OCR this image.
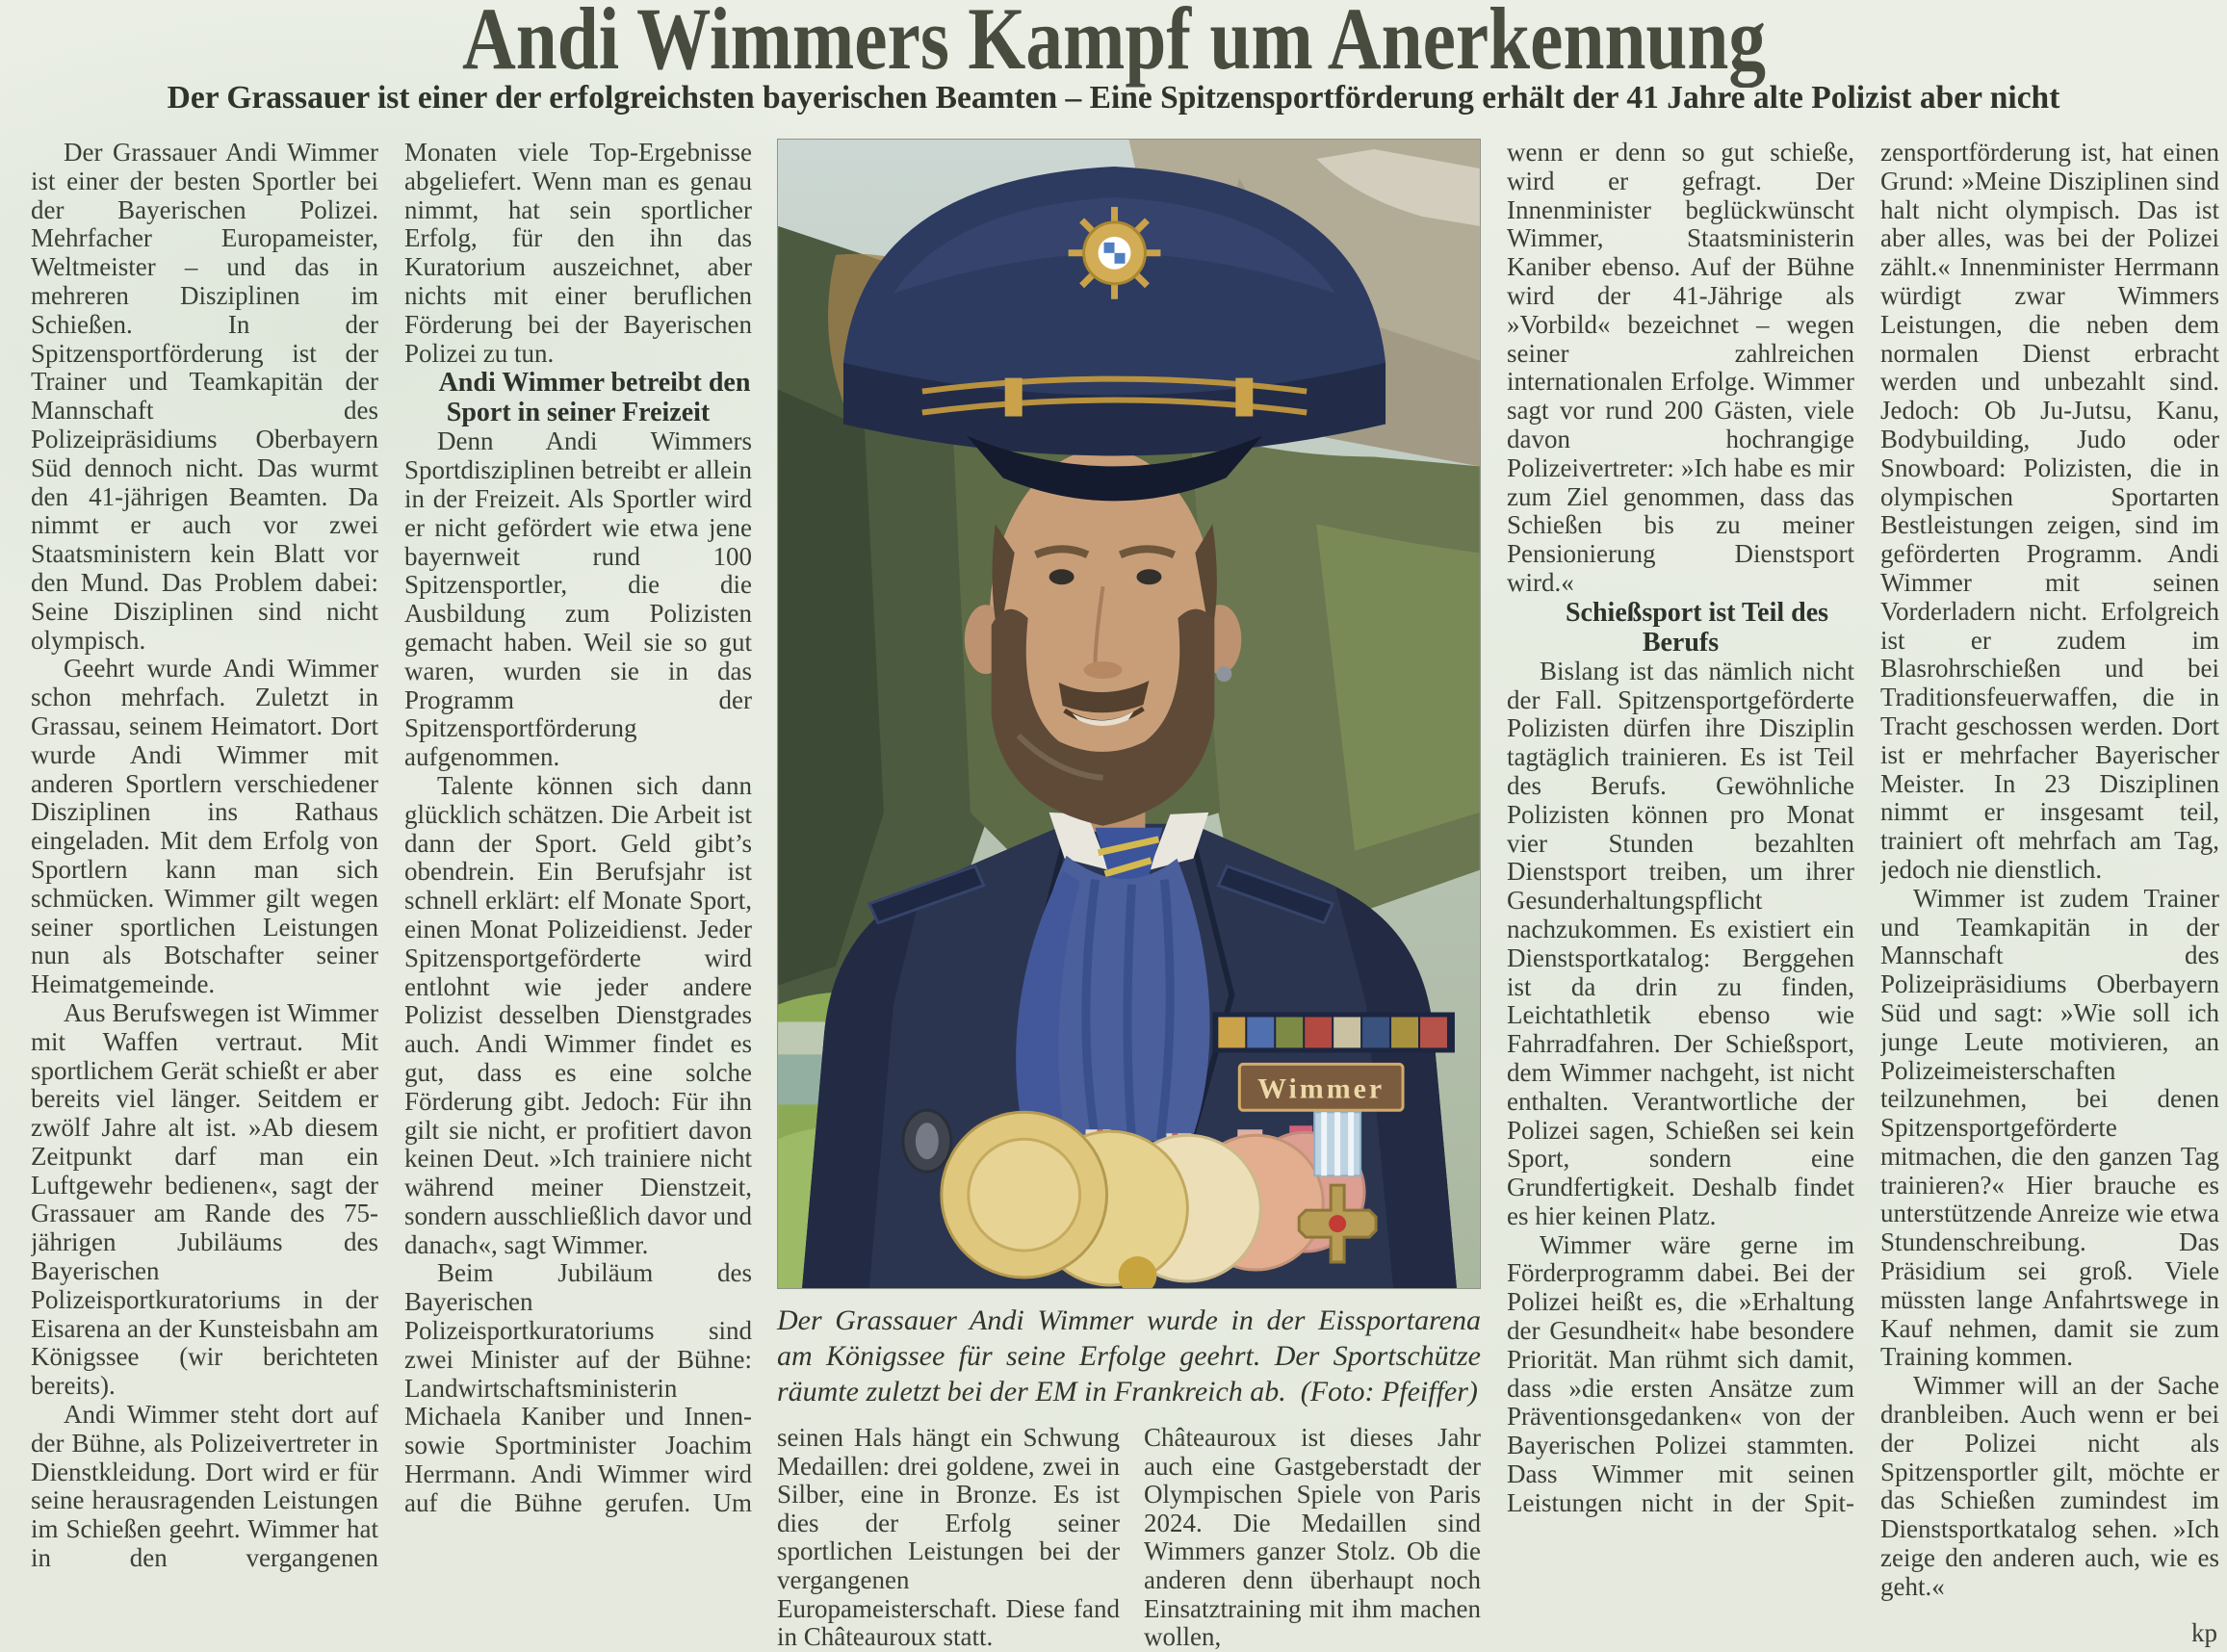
Andi Wimmers Kampf um Anerkennung
Der Grassauer ist einer der erfolgreichsten bayerischen Beamten – Eine Spitzensportförderung erhält der 41 Jahre alte Polizist aber nicht

Der Grassauer Andi Wimmer ist einer der besten Sportler bei der Bayerischen Polizei. Mehrfacher Europameister, Weltmeister – und das in mehreren Disziplinen im Schießen. In der Spitzensportförderung ist der Trainer und Teamkapitän der Mannschaft des Polizeipräsidiums Oberbayern Süd dennoch nicht. Das wurmt den 41-jährigen Beamten. Da nimmt er auch vor zwei Staatsministern kein Blatt vor den Mund. Das Problem dabei: Seine Disziplinen sind nicht olympisch.

Geehrt wurde Andi Wimmer schon mehrfach. Zuletzt in Grassau, seinem Heimatort. Dort wurde Andi Wimmer mit anderen Sportlern verschiedener Disziplinen ins Rathaus eingeladen. Mit dem Erfolg von Sportlern kann man sich schmücken. Wimmer gilt wegen seiner sportlichen Leistungen nun als Botschafter seiner Heimatgemeinde.

Aus Berufswegen ist Wimmer mit Waffen vertraut. Mit sportlichem Gerät schießt er aber bereits viel länger. Seitdem er zwölf Jahre alt ist. »Ab diesem Zeitpunkt darf man ein Luftgewehr bedienen«, sagt der Grassauer am Rande des 75-jährigen Jubiläums des Bayerischen Polizeisportkuratoriums in der Eisarena an der Kunsteisbahn am Königssee (wir berichteten bereits).

Andi Wimmer steht dort auf der Bühne, als Polizeivertreter in Dienstkleidung. Dort wird er für seine herausragenden Leistungen im Schießen geehrt. Wimmer hat in den vergangenen

Monaten viele Top-Ergebnisse abgeliefert. Wenn man es genau nimmt, hat sein sportlicher Erfolg, für den ihn das Kuratorium auszeichnet, aber nichts mit einer beruflichen Förderung bei der Bayerischen Polizei zu tun.

Andi Wimmer betreibt den Sport in seiner Freizeit

Denn Andi Wimmers Sportdisziplinen betreibt er allein in der Freizeit. Als Sportler wird er nicht gefördert wie etwa jene bayernweit rund 100 Spitzensportler, die die Ausbildung zum Polizisten gemacht haben. Weil sie so gut waren, wurden sie in das Programm der Spitzensportförderung aufgenommen.

Talente können sich dann glücklich schätzen. Die Arbeit ist dann der Sport. Geld gibt’s obendrein. Ein Berufsjahr ist schnell erklärt: elf Monate Sport, einen Monat Polizeidienst. Jeder Spitzensportgeförderte wird entlohnt wie jeder andere Polizist desselben Dienstgrades auch. Andi Wimmer findet es gut, dass es eine solche Förderung gibt. Jedoch: Für ihn gilt sie nicht, er profitiert davon keinen Deut. »Ich trainiere nicht während meiner Dienstzeit, sondern ausschließlich davor und danach«, sagt Wimmer.

Beim Jubiläum des Bayerischen Polizeisportkuratoriums sind zwei Minister auf der Bühne: Landwirtschaftsministerin Michaela Kaniber und Innen- sowie Sportminister Joachim Herrmann. Andi Wimmer wird auf die Bühne gerufen. Um

Wimmer
Der Grassauer Andi Wimmer wurde in der Eissportarena am Königssee für seine Erfolge geehrt. Der Sportschütze räumte zuletzt bei der EM in Frankreich ab. (Foto: Pfeiffer)

seinen Hals hängt ein Schwung Medaillen: drei goldene, zwei in Silber, eine in Bronze. Es ist dies der Erfolg seiner sportlichen Leistungen bei der vergangenen Europameisterschaft. Diese fand in Châteauroux statt.

Châteauroux ist dieses Jahr auch eine Gastgeberstadt der Olympischen Spiele von Paris 2024. Die Medaillen sind Wimmers ganzer Stolz. Ob die anderen denn überhaupt noch Einsatztraining mit ihm machen wollen,

wenn er denn so gut schieße, wird er gefragt. Der Innenminister beglückwünscht Wimmer, Staatsministerin Kaniber ebenso. Auf der Bühne wird der 41-Jährige als »Vorbild« bezeichnet – wegen seiner zahlreichen internationalen Erfolge. Wimmer sagt vor rund 200 Gästen, viele davon hochrangige Polizeivertreter: »Ich habe es mir zum Ziel genommen, dass das Schießen bis zu meiner Pensionierung Dienstsport wird.«

Schießsport ist Teil des Berufs

Bislang ist das nämlich nicht der Fall. Spitzensportgeförderte Polizisten dürfen ihre Disziplin tagtäglich trainieren. Es ist Teil des Berufs. Gewöhnliche Polizisten können pro Monat vier Stunden bezahlten Dienstsport treiben, um ihrer Gesunderhaltungspflicht nachzukommen. Es existiert ein Dienstsportkatalog: Berggehen ist da drin zu finden, Leichtathletik ebenso wie Fahrradfahren. Der Schießsport, dem Wimmer nachgeht, ist nicht enthalten. Verantwortliche der Polizei sagen, Schießen sei kein Sport, sondern eine Grundfertigkeit. Deshalb findet es hier keinen Platz.

Wimmer wäre gerne im Förderprogramm dabei. Bei der Polizei heißt es, die »Erhaltung der Gesundheit« habe besondere Priorität. Man rühmt sich damit, dass »die ersten Ansätze zum Präventionsgedanken« von der Bayerischen Polizei stammten. Dass Wimmer mit seinen Leistungen nicht in der Spit-

zensportförderung ist, hat einen Grund: »Meine Disziplinen sind halt nicht olympisch. Das ist aber alles, was bei der Polizei zählt.« Innenminister Herrmann würdigt zwar Wimmers Leistungen, die neben dem normalen Dienst erbracht werden und unbezahlt sind. Jedoch: Ob Ju-Jutsu, Kanu, Bodybuilding, Judo oder Snowboard: Polizisten, die in olympischen Sportarten Bestleistungen zeigen, sind im geförderten Programm. Andi Wimmer mit seinen Vorderladern nicht. Erfolgreich ist er zudem im Blasrohrschießen und bei Traditionsfeuerwaffen, die in Tracht geschossen werden. Dort ist er mehrfacher Bayerischer Meister. In 23 Disziplinen nimmt er insgesamt teil, trainiert oft mehrfach am Tag, jedoch nie dienstlich.

Wimmer ist zudem Trainer und Teamkapitän in der Mannschaft des Polizeipräsidiums Oberbayern Süd und sagt: »Wie soll ich junge Leute motivieren, an Polizeimeisterschaften teilzunehmen, bei denen Spitzensportgeförderte mitmachen, die den ganzen Tag trainieren?« Hier brauche es unterstützende Anreize wie etwa Stundenschreibung. Das Präsidium sei groß. Viele müssten lange Anfahrtswege in Kauf nehmen, damit sie zum Training kommen.

Wimmer will an der Sache dranbleiben. Auch wenn er bei der Polizei nicht als Spitzensportler gilt, möchte er das Schießen zumindest im Dienstsportkatalog sehen. »Ich zeige den anderen auch, wie es geht.«

kp
